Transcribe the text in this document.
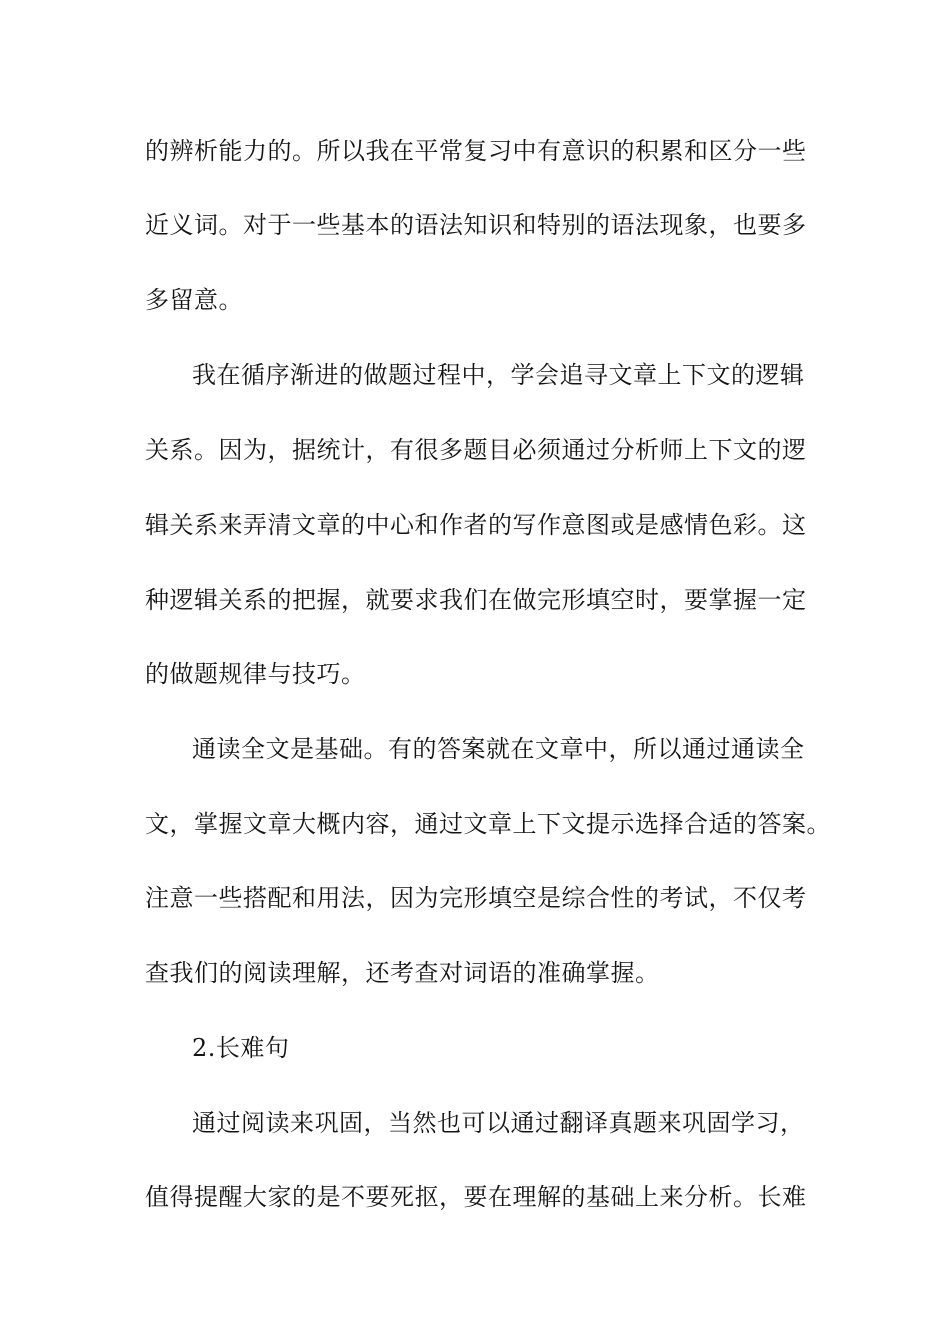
的辨析能力的。所以我在平常复习中有意识的积累和区分一些
近义词。对于一些基本的语法知识和特别的语法现象，也要多
多留意。
我在循序渐进的做题过程中，学会追寻文章上下文的逻辑
关系。因为，据统计，有很多题目必须通过分析师上下文的逻
辑关系来弄清文章的中心和作者的写作意图或是感情色彩。这
种逻辑关系的把握，就要求我们在做完形填空时，要掌握一定
的做题规律与技巧。
通读全文是基础。有的答案就在文章中，所以通过通读全
文，掌握文章大概内容，通过文章上下文提示选择合适的答案。
注意一些搭配和用法，因为完形填空是综合性的考试，不仅考
查我们的阅读理解，还考查对词语的准确掌握。
2.长难句
通过阅读来巩固，当然也可以通过翻译真题来巩固学习，
值得提醒大家的是不要死抠，要在理解的基础上来分析。长难
